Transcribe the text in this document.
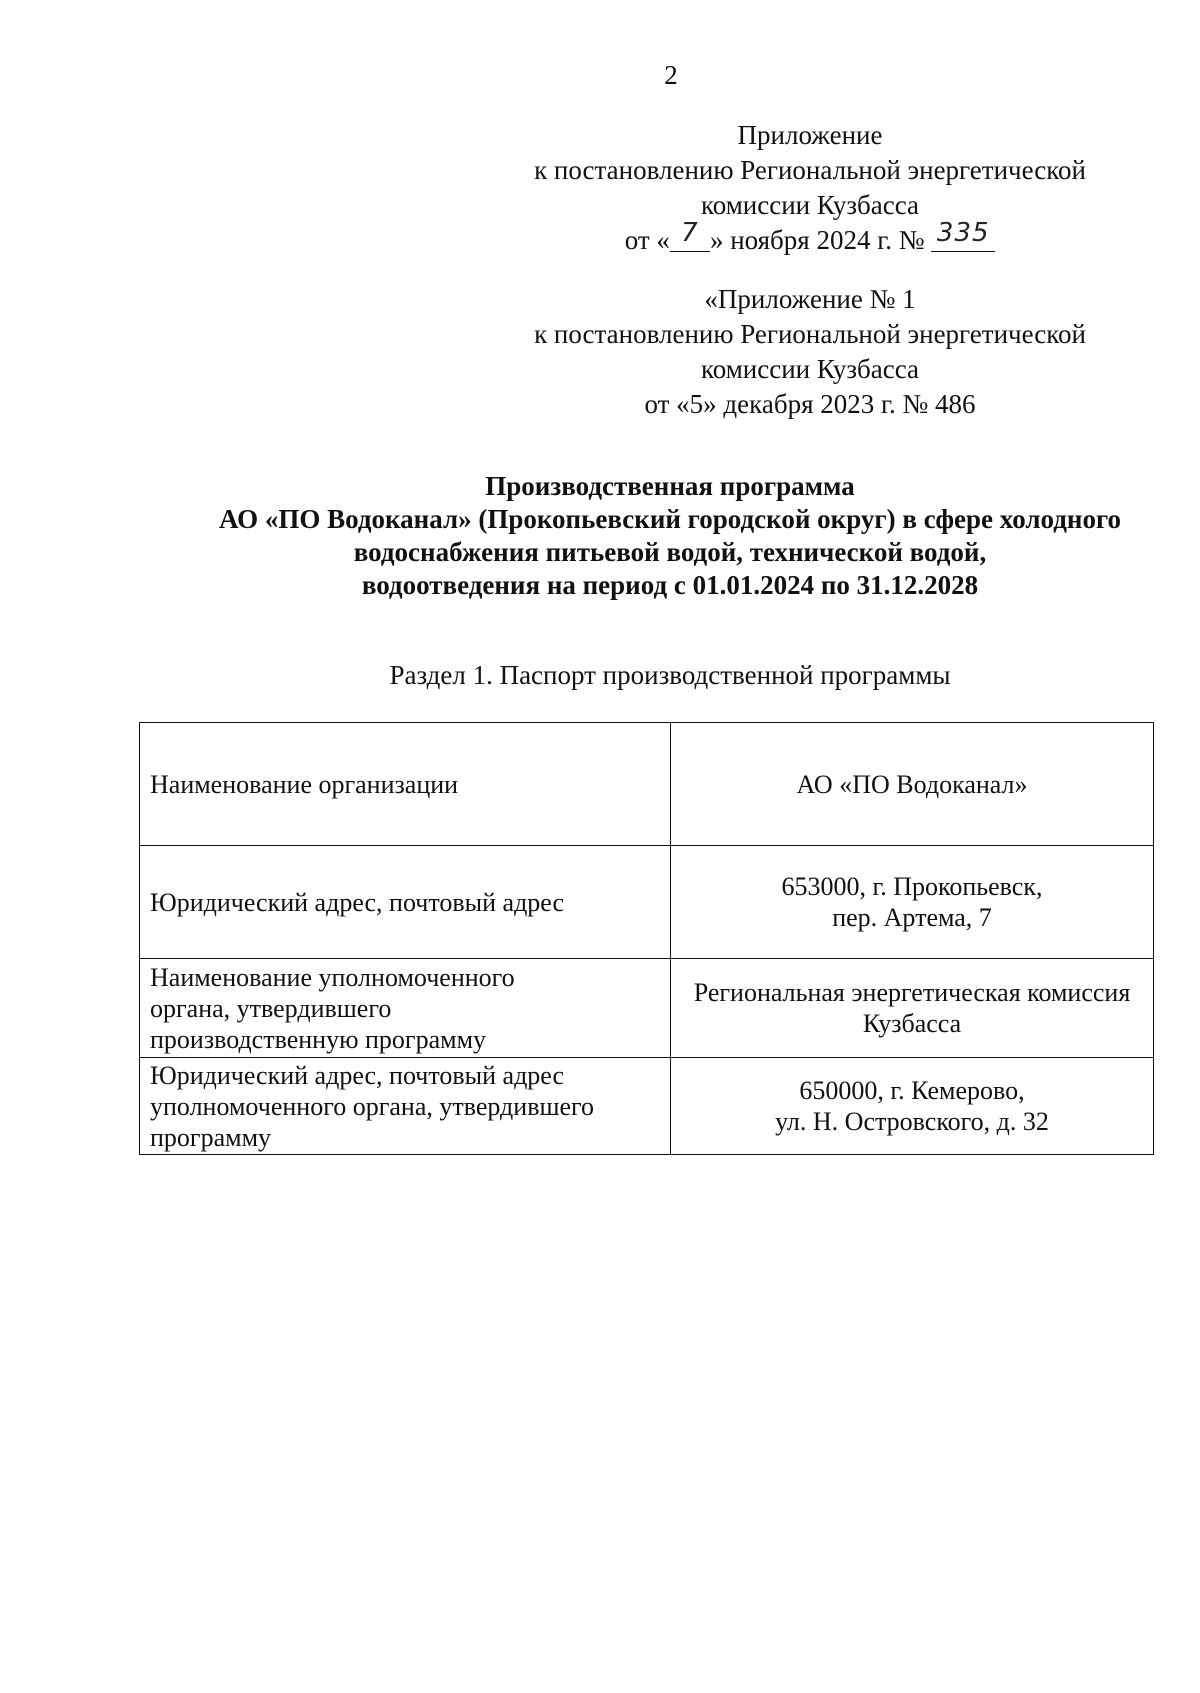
2
Приложение
к постановлению Региональной энергетической
комиссии Кузбасса
от « 7 » ноября 2024 г. № 335
«Приложение № 1
к постановлению Региональной энергетической
комиссии Кузбасса
от «5» декабря 2023 г. № 486
Производственная программа
АО «ПО Водоканал» (Прокопьевский городской округ) в сфере холодного
водоснабжения питьевой водой, технической водой,
водоотведения на период с 01.01.2024 по 31.12.2028
Раздел 1. Паспорт производственной программы
Наименование организации	АО «ПО Водоканал»

Юридический адрес, почтовый адрес	653000, г. Прокопьевск,
пер. Артема, 7

Наименование уполномоченного
органа, утвердившего
производственную программу	Региональная энергетическая комиссия
Кузбасса

Юридический адрес, почтовый адрес
уполномоченного органа, утвердившего
программу	650000, г. Кемерово,
ул. Н. Островского, д. 32
